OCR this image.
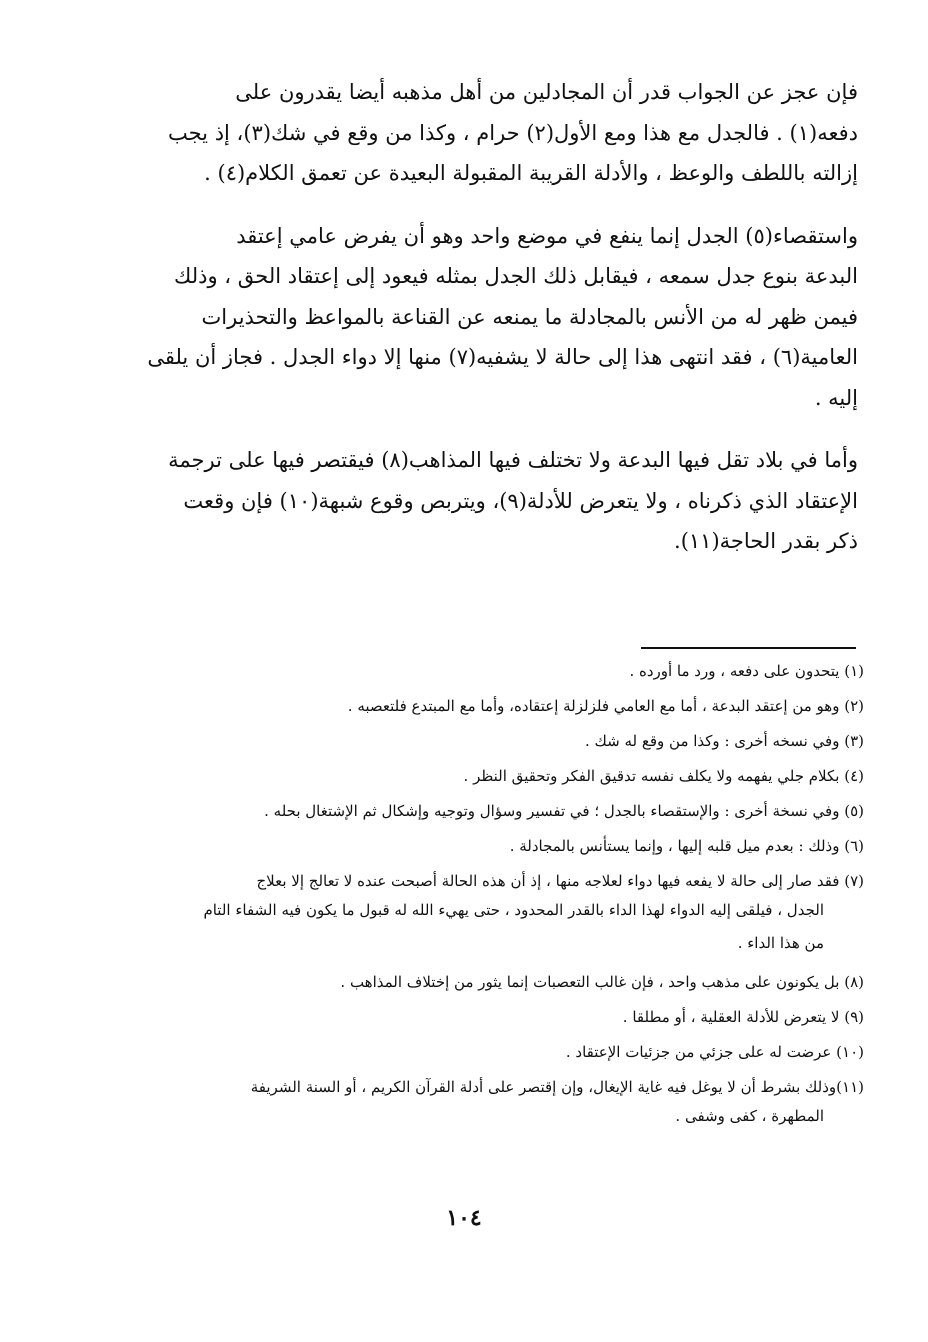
فإن عجز عن الجواب قدر أن المجادلين من أهل مذهبه أيضا يقدرون على
دفعه(١) . فالجدل مع هذا ومع الأول(٢) حرام ، وكذا من وقع في شك(٣)، إذ يجب
إزالته باللطف والوعظ ، والأدلة القريبة المقبولة البعيدة عن تعمق الكلام(٤) .
واستقصاء(٥) الجدل إنما ينفع في موضع واحد وهو أن يفرض عامي إعتقد
البدعة بنوع جدل سمعه ، فيقابل ذلك الجدل بمثله فيعود إلى إعتقاد الحق ، وذلك
فيمن ظهر له من الأنس بالمجادلة ما يمنعه عن القناعة بالمواعظ والتحذيرات
العامية(٦) ، فقد انتهى هذا إلى حالة لا يشفيه(٧) منها إلا دواء الجدل . فجاز أن يلقى
إليه .
وأما في بلاد تقل فيها البدعة ولا تختلف فيها المذاهب(٨) فيقتصر فيها على ترجمة
الإعتقاد الذي ذكرناه ، ولا يتعرض للأدلة(٩)، ويتربص وقوع شبهة(١٠) فإن وقعت
ذكر بقدر الحاجة(١١).
(١) يتحدون على دفعه ، ورد ما أورده .
(٢) وهو من إعتقد البدعة ، أما مع العامي فلزلزلة إعتقاده، وأما مع المبتدع فلتعصبه .
(٣) وفي نسخه أخرى : وكذا من وقع له شك .
(٤) بكلام جلي يفهمه ولا يكلف نفسه تدقيق الفكر وتحقيق النظر .
(٥) وفي نسخة أخرى : والإستقصاء بالجدل ؛ في تفسير وسؤال وتوجيه وإشكال ثم الإشتغال بحله .
(٦) وذلك : بعدم ميل قلبه إليها ، وإنما يستأنس بالمجادلة .
(٧) فقد صار إلى حالة لا يفعه فيها دواء لعلاجه منها ، إذ أن هذه الحالة أصبحت عنده لا تعالج إلا بعلاج
الجدل ، فيلقى إليه الدواء لهذا الداء بالقدر المحدود ، حتى يهيء الله له قبول ما يكون فيه الشفاء التام
من هذا الداء .
(٨) بل يكونون على مذهب واحد ، فإن غالب التعصبات إنما يثور من إختلاف المذاهب .
(٩) لا يتعرض للأدلة العقلية ، أو مطلقا .
(١٠) عرضت له على جزئي من جزئيات الإعتقاد .
(١١)وذلك بشرط أن لا يوغل فيه غاية الإيغال، وإن إقتصر على أدلة القرآن الكريم ، أو السنة الشريفة
المطهرة ، كفى وشفى .
١٠٤
